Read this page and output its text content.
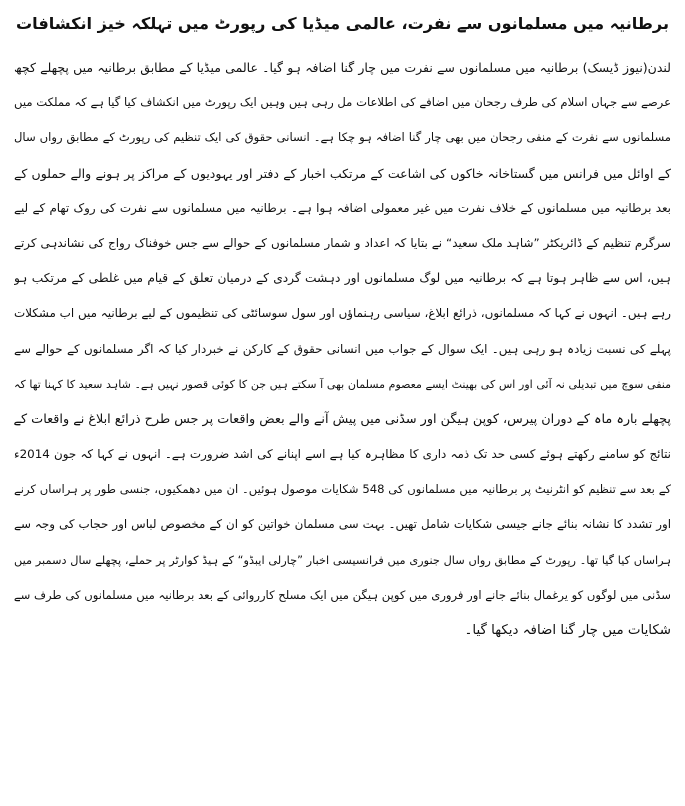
برطانیہ میں مسلمانوں سے نفرت، عالمی میڈیا کی رپورٹ میں تہلکہ خیز انکشافات
لندن(نیوز ڈیسک) برطانیہ میں مسلمانوں سے نفرت میں چار گنا اضافہ ہو گیا۔ عالمی میڈیا کے مطابق برطانیہ میں پچھلے کچھ
عرصے سے جہاں اسلام کی طرف رجحان میں اضافے کی اطلاعات مل رہی ہیں وہیں ایک رپورٹ میں انکشاف کیا گیا ہے کہ مملکت میں
مسلمانوں سے نفرت کے منفی رجحان میں بھی چار گنا اضافہ ہو چکا ہے۔ انسانی حقوق کی ایک تنظیم کی رپورٹ کے مطابق رواں سال
کے اوائل میں فرانس میں گستاخانہ خاکوں کی اشاعت کے مرتکب اخبار کے دفتر اور یہودیوں کے مراکز پر ہونے والے حملوں کے
بعد برطانیہ میں مسلمانوں کے خلاف نفرت میں غیر معمولی اضافہ ہوا ہے۔ برطانیہ میں مسلمانوں سے نفرت کی روک تھام کے لیے
سرگرم تنظیم کے ڈائریکٹر ”شاہد ملک سعید“ نے بتایا کہ اعداد و شمار مسلمانوں کے حوالے سے جس خوفناک رواج کی نشاندہی کرتے
ہیں، اس سے ظاہر ہوتا ہے کہ برطانیہ میں لوگ مسلمانوں اور دہشت گردی کے درمیان تعلق کے قیام میں غلطی کے مرتکب ہو
رہے ہیں۔ انہوں نے کہا کہ مسلمانوں، ذرائع ابلاغ، سیاسی رہنماؤں اور سول سوسائٹی کی تنظیموں کے لیے برطانیہ میں اب مشکلات
پہلے کی نسبت زیادہ ہو رہی ہیں۔ ایک سوال کے جواب میں انسانی حقوق کے کارکن نے خبردار کیا کہ اگر مسلمانوں کے حوالے سے
منفی سوچ میں تبدیلی نہ آئی اور اس کی بھینٹ ایسے معصوم مسلمان بھی آ سکتے ہیں جن کا کوئی قصور نہیں ہے۔ شاہد سعید کا کہنا تھا کہ
پچھلے بارہ ماہ کے دوران پیرس، کوپن ہیگن اور سڈنی میں پیش آنے والے بعض واقعات پر جس طرح ذرائع ابلاغ نے واقعات کے
نتائج کو سامنے رکھتے ہوئے کسی حد تک ذمہ داری کا مظاہرہ کیا ہے اسے اپنانے کی اشد ضرورت ہے۔ انہوں نے کہا کہ جون 2014ء
کے بعد سے تنظیم کو انٹرنیٹ پر برطانیہ میں مسلمانوں کی 548 شکایات موصول ہوئیں۔ ان میں دھمکیوں، جنسی طور پر ہراساں کرنے
اور تشدد کا نشانہ بنائے جانے جیسی شکایات شامل تھیں۔ بہت سی مسلمان خواتین کو ان کے مخصوص لباس اور حجاب کی وجہ سے
ہراساں کیا گیا تھا۔ رپورٹ کے مطابق رواں سال جنوری میں فرانسیسی اخبار ”چارلی ایبڈو“ کے ہیڈ کوارٹر پر حملے، پچھلے سال دسمبر میں
سڈنی میں لوگوں کو یرغمال بنائے جانے اور فروری میں کوپن ہیگن میں ایک مسلح کارروائی کے بعد برطانیہ میں مسلمانوں کی طرف سے
شکایات میں چار گنا اضافہ دیکھا گیا۔
